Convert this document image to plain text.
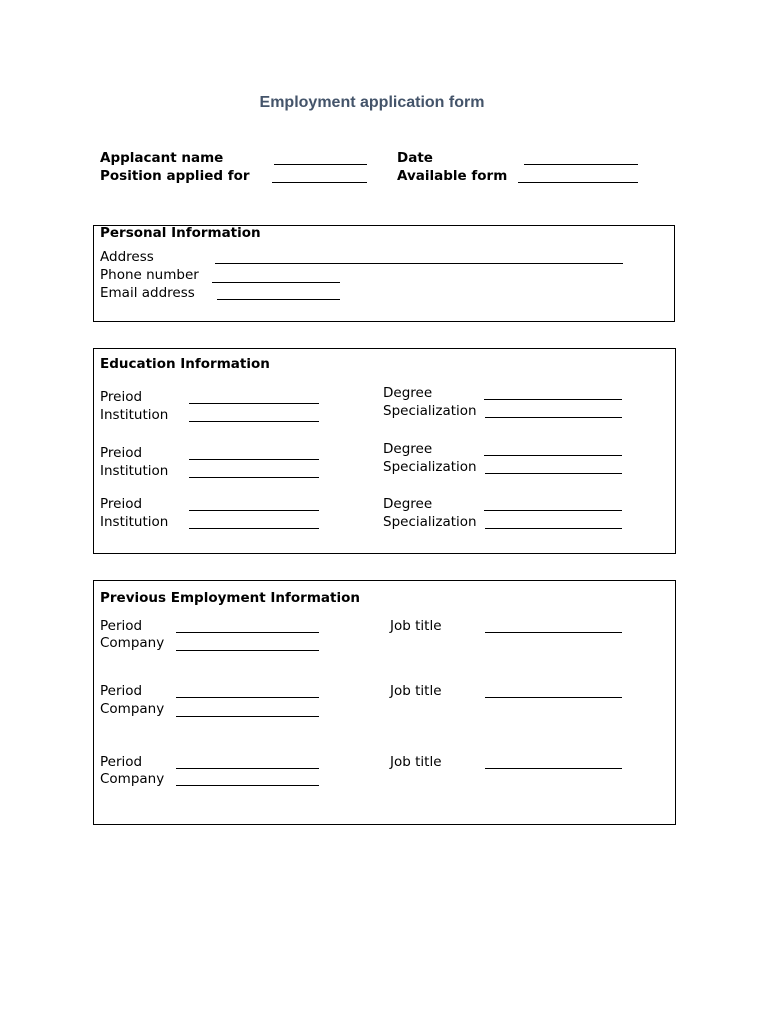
Employment application form
Applacant name
Position applied for
Date
Available form
Personal Information
Address
Phone number
Email address
Education Information
Preiod
Institution
Degree
Specialization
Preiod
Institution
Degree
Specialization
Preiod
Institution
Degree
Specialization
Previous Employment Information
Period
Company
Job title
Period
Company
Job title
Period
Company
Job title
